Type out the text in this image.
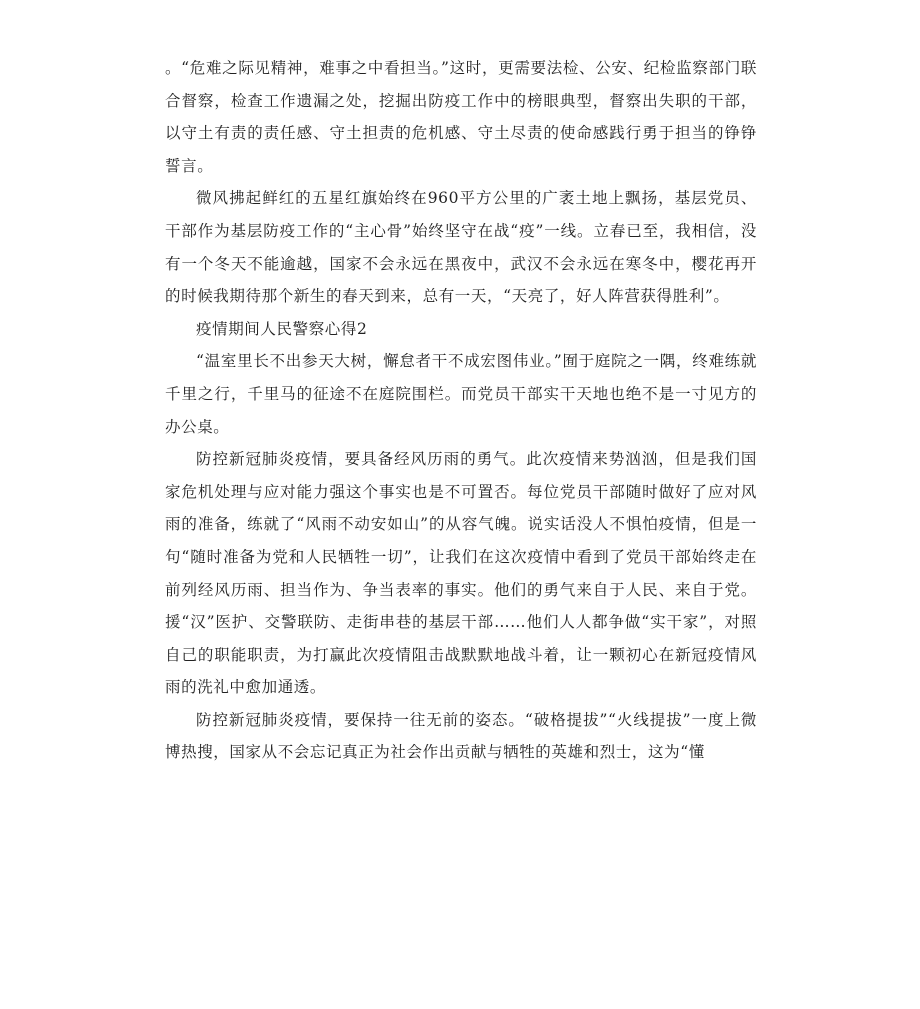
。“危难之际见精神，难事之中看担当。”这时，更需要法检、公安、纪检监察部门联合督察，检查工作遗漏之处，挖掘出防疫工作中的榜眼典型，督察出失职的干部，以守土有责的责任感、守土担责的危机感、守土尽责的使命感践行勇于担当的铮铮誓言。

微风拂起鲜红的五星红旗始终在960平方公里的广袤土地上飘扬，基层党员、干部作为基层防疫工作的“主心骨”始终坚守在战“疫”一线。立春已至，我相信，没有一个冬天不能逾越，国家不会永远在黑夜中，武汉不会永远在寒冬中，樱花再开的时候我期待那个新生的春天到来，总有一天，“天亮了，好人阵营获得胜利”。

疫情期间人民警察心得2

“温室里长不出参天大树，懈怠者干不成宏图伟业。”囿于庭院之一隅，终难练就千里之行，千里马的征途不在庭院围栏。而党员干部实干天地也绝不是一寸见方的办公桌。

防控新冠肺炎疫情，要具备经风历雨的勇气。此次疫情来势汹汹，但是我们国家危机处理与应对能力强这个事实也是不可置否。每位党员干部随时做好了应对风雨的准备，练就了“风雨不动安如山”的从容气魄。说实话没人不惧怕疫情，但是一句“随时准备为党和人民牺牲一切”，让我们在这次疫情中看到了党员干部始终走在前列经风历雨、担当作为、争当表率的事实。他们的勇气来自于人民、来自于党。援“汉”医护、交警联防、走街串巷的基层干部……他们人人都争做“实干家”，对照自己的职能职责，为打赢此次疫情阻击战默默地战斗着，让一颗初心在新冠疫情风雨的洗礼中愈加通透。

防控新冠肺炎疫情，要保持一往无前的姿态。“破格提拔”“火线提拔”一度上微博热搜，国家从不会忘记真正为社会作出贡献与牺牲的英雄和烈士，这为“懂
